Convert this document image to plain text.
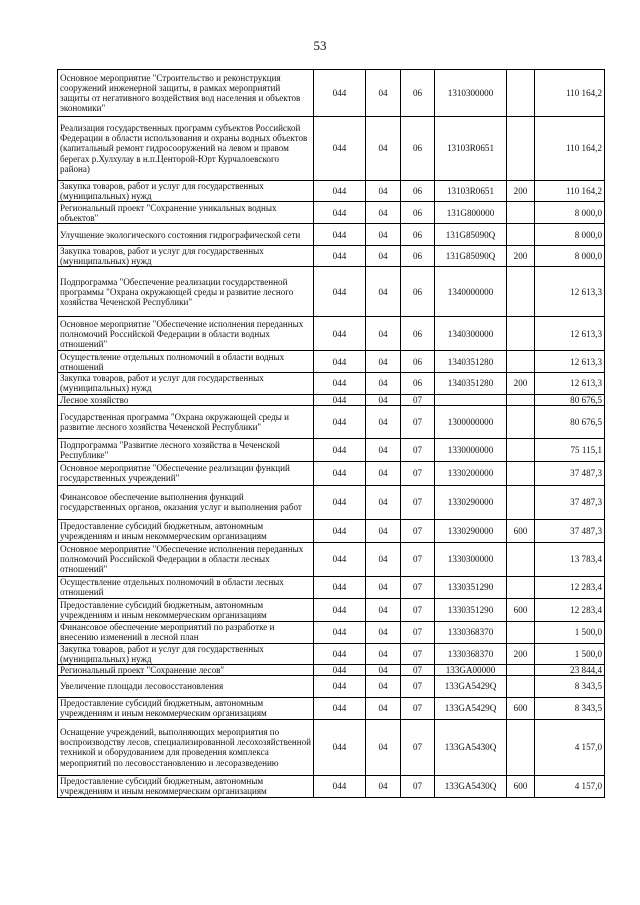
53
Основное мероприятие "Строительство и реконструкция сооружений инженерной защиты, в рамках мероприятий защиты от негативного воздействия вод населения и объектов экономики"	044	04	06	1310300000		110 164,2
Реализация государственных программ субъектов Российской Федерации в области использования и охраны водных объектов (капитальный ремонт гидросооружений на левом и правом берегах р.Хулхулау в н.п.Центорой-Юрт Курчалоевского района)	044	04	06	13103R0651		110 164,2
Закупка товаров, работ и услуг для государственных (муниципальных) нужд	044	04	06	13103R0651	200	110 164,2
Региональный проект "Сохранение уникальных водных объектов"	044	04	06	131G800000		8 000,0
Улучшение экологического состояния гидрографической сети	044	04	06	131G85090Q		8 000,0
Закупка товаров, работ и услуг для государственных (муниципальных) нужд	044	04	06	131G85090Q	200	8 000,0
Подпрограмма "Обеспечение реализации государственной программы "Охрана окружающей среды и развитие лесного хозяйства Чеченской Республики"	044	04	06	1340000000		12 613,3
Основное мероприятие "Обеспечение исполнения переданных полномочий Российской Федерации в области водных отношений"	044	04	06	1340300000		12 613,3
Осуществление отдельных полномочий в области водных отношений	044	04	06	1340351280		12 613,3
Закупка товаров, работ и услуг для государственных (муниципальных) нужд	044	04	06	1340351280	200	12 613,3
Лесное хозяйство	044	04	07			80 676,5
Государственная программа "Охрана окружающей среды и развитие лесного хозяйства Чеченской Республики"	044	04	07	1300000000		80 676,5
Подпрограмма "Развитие лесного хозяйства в Чеченской Республике"	044	04	07	1330000000		75 115,1
Основное мероприятие "Обеспечение реализации функций государственных учреждений"	044	04	07	1330200000		37 487,3
Финансовое обеспечение выполнения функций государственных органов, оказания услуг и выполнения работ	044	04	07	1330290000		37 487,3
Предоставление субсидий бюджетным, автономным учреждениям и иным некоммерческим организациям	044	04	07	1330290000	600	37 487,3
Основное мероприятие "Обеспечение исполнения переданных полномочий Российской Федерации в области лесных отношений"	044	04	07	1330300000		13 783,4
Осуществление отдельных полномочий в области лесных отношений	044	04	07	1330351290		12 283,4
Предоставление субсидий бюджетным, автономным учреждениям и иным некоммерческим организациям	044	04	07	1330351290	600	12 283,4
Финансовое обеспечение мероприятий по разработке и внесению изменений в лесной план	044	04	07	1330368370		1 500,0
Закупка товаров, работ и услуг для государственных (муниципальных) нужд	044	04	07	1330368370	200	1 500,0
Региональный проект "Сохранение лесов"	044	04	07	133GA00000		23 844,4
Увеличение площади лесовосстановления	044	04	07	133GA5429Q		8 343,5
Предоставление субсидий бюджетным, автономным учреждениям и иным некоммерческим организациям	044	04	07	133GA5429Q	600	8 343,5
Оснащение учреждений, выполняющих мероприятия по воспроизводству лесов, специализированной лесохозяйственной техникой и оборудованием для проведения комплекса мероприятий по лесовосстановлению и лесоразведению	044	04	07	133GA5430Q		4 157,0
Предоставление субсидий бюджетным, автономным учреждениям и иным некоммерческим организациям	044	04	07	133GA5430Q	600	4 157,0
